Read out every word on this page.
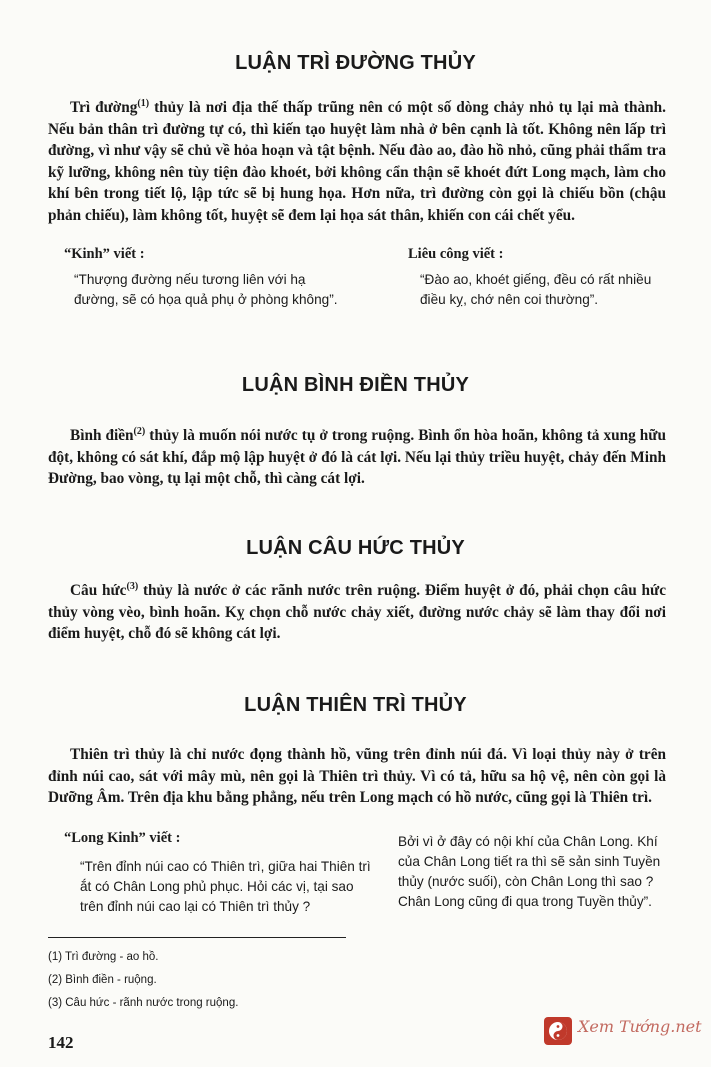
LUẬN TRÌ ĐƯỜNG THỦY

Trì đường$^{(1)}$ thủy là nơi địa thế thấp trũng nên có một số dòng chảy nhỏ tụ lại mà thành. Nếu bản thân trì đường tự có, thì kiến tạo huyệt làm nhà ở bên cạnh là tốt. Không nên lấp trì đường, vì như vậy sẽ chủ về hỏa hoạn và tật bệnh. Nếu đào ao, đào hồ nhỏ, cũng phải thẩm tra kỹ lưỡng, không nên tùy tiện đào khoét, bởi không cẩn thận sẽ khoét đứt Long mạch, làm cho khí bên trong tiết lộ, lập tức sẽ bị hung họa. Hơn nữa, trì đường còn gọi là chiếu bồn (chậu phản chiếu), làm không tốt, huyệt sẽ đem lại họa sát thân, khiến con cái chết yểu.

“Kinh” viết :

“Thượng đường nếu tương liên với hạ đường, sẽ có họa quả phụ ở phòng không”.

Liêu công viết :

“Đào ao, khoét giếng, đều có rất nhiều điều kỵ, chớ nên coi thường”.

LUẬN BÌNH ĐIỀN THỦY

Bình điền$^{(2)}$ thủy là muốn nói nước tụ ở trong ruộng. Bình ổn hòa hoãn, không tả xung hữu đột, không có sát khí, đắp mộ lập huyệt ở đó là cát lợi. Nếu lại thủy triều huyệt, chảy đến Minh Đường, bao vòng, tụ lại một chỗ, thì càng cát lợi.

LUẬN CÂU HỨC THỦY

Câu hức$^{(3)}$ thủy là nước ở các rãnh nước trên ruộng. Điểm huyệt ở đó, phải chọn câu hức thủy vòng vèo, bình hoãn. Kỵ chọn chỗ nước chảy xiết, đường nước chảy sẽ làm thay đổi nơi điểm huyệt, chỗ đó sẽ không cát lợi.

LUẬN THIÊN TRÌ THỦY

Thiên trì thủy là chỉ nước đọng thành hồ, vũng trên đỉnh núi đá. Vì loại thủy này ở trên đỉnh núi cao, sát với mây mù, nên gọi là Thiên trì thủy. Vì có tả, hữu sa hộ vệ, nên còn gọi là Dưỡng Âm. Trên địa khu bằng phẳng, nếu trên Long mạch có hồ nước, cũng gọi là Thiên trì.

“Long Kinh” viết :

“Trên đỉnh núi cao có Thiên trì, giữa hai Thiên trì ắt có Chân Long phủ phục. Hỏi các vị, tại sao trên đỉnh núi cao lại có Thiên trì thủy ?

Bởi vì ở đây có nội khí của Chân Long. Khí của Chân Long tiết ra thì sẽ sản sinh Tuyền thủy (nước suối), còn Chân Long thì sao ? Chân Long cũng đi qua trong Tuyền thủy”.

(1) Trì đường - ao hồ.

(2) Bình điền - ruộng.

(3) Câu hức - rãnh nước trong ruộng.

142

Xem Tướng.net
